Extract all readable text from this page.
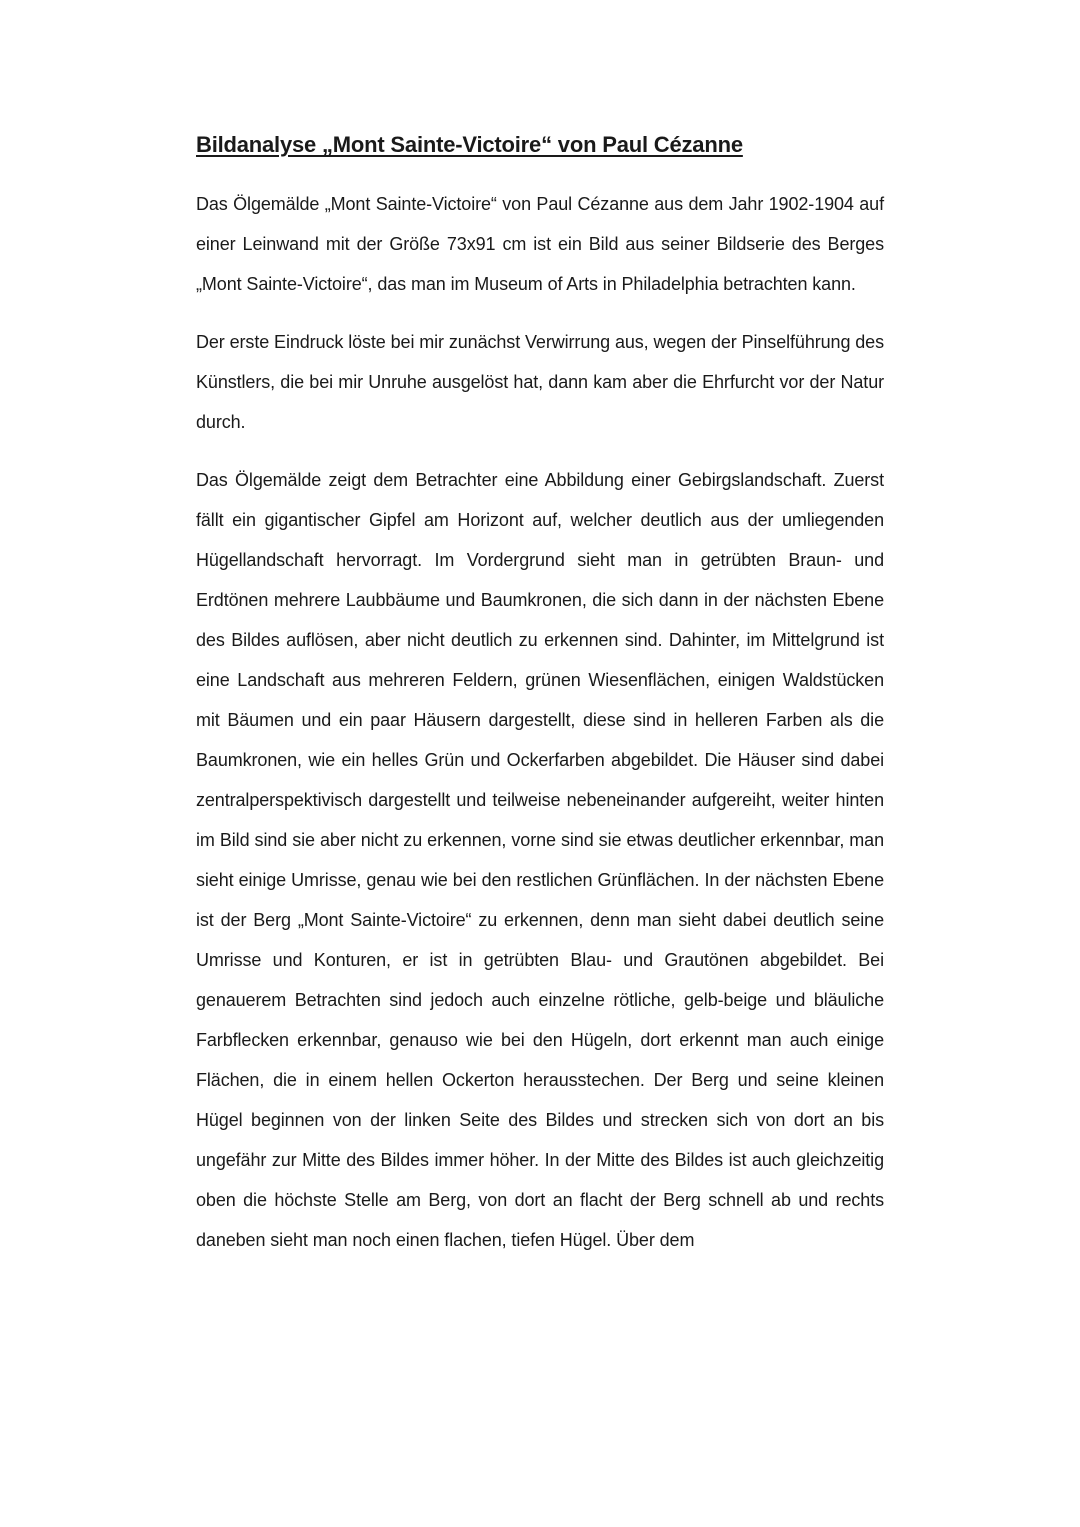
Bildanalyse „Mont Sainte-Victoire“ von Paul Cézanne

Das Ölgemälde „Mont Sainte-Victoire“ von Paul Cézanne aus dem Jahr 1902-1904 auf einer Leinwand mit der Größe 73x91 cm ist ein Bild aus seiner Bildserie des Berges „Mont Sainte-Victoire“, das man im Museum of Arts in Philadelphia betrachten kann.

Der erste Eindruck löste bei mir zunächst Verwirrung aus, wegen der Pinselführung des Künstlers, die bei mir Unruhe ausgelöst hat, dann kam aber die Ehrfurcht vor der Natur durch.

Das Ölgemälde zeigt dem Betrachter eine Abbildung einer Gebirgslandschaft. Zuerst fällt ein gigantischer Gipfel am Horizont auf, welcher deutlich aus der umliegenden Hügellandschaft hervorragt. Im Vordergrund sieht man in getrübten Braun- und Erdtönen mehrere Laubbäume und Baumkronen, die sich dann in der nächsten Ebene des Bildes auflösen, aber nicht deutlich zu erkennen sind. Dahinter, im Mittelgrund ist eine Landschaft aus mehreren Feldern, grünen Wiesenflächen, einigen Waldstücken mit Bäumen und ein paar Häusern dargestellt, diese sind in helleren Farben als die Baumkronen, wie ein helles Grün und Ockerfarben abgebildet. Die Häuser sind dabei zentralperspektivisch dargestellt und teilweise nebeneinander aufgereiht, weiter hinten im Bild sind sie aber nicht zu erkennen, vorne sind sie etwas deutlicher erkennbar, man sieht einige Umrisse, genau wie bei den restlichen Grünflächen. In der nächsten Ebene ist der Berg „Mont Sainte-Victoire“ zu erkennen, denn man sieht dabei deutlich seine Umrisse und Konturen, er ist in getrübten Blau- und Grautönen abgebildet. Bei genauerem Betrachten sind jedoch auch einzelne rötliche, gelb-beige und bläuliche Farbflecken erkennbar, genauso wie bei den Hügeln, dort erkennt man auch einige Flächen, die in einem hellen Ockerton herausstechen. Der Berg und seine kleinen Hügel beginnen von der linken Seite des Bildes und strecken sich von dort an bis ungefähr zur Mitte des Bildes immer höher. In der Mitte des Bildes ist auch gleichzeitig oben die höchste Stelle am Berg, von dort an flacht der Berg schnell ab und rechts daneben sieht man noch einen flachen, tiefen Hügel. Über dem
